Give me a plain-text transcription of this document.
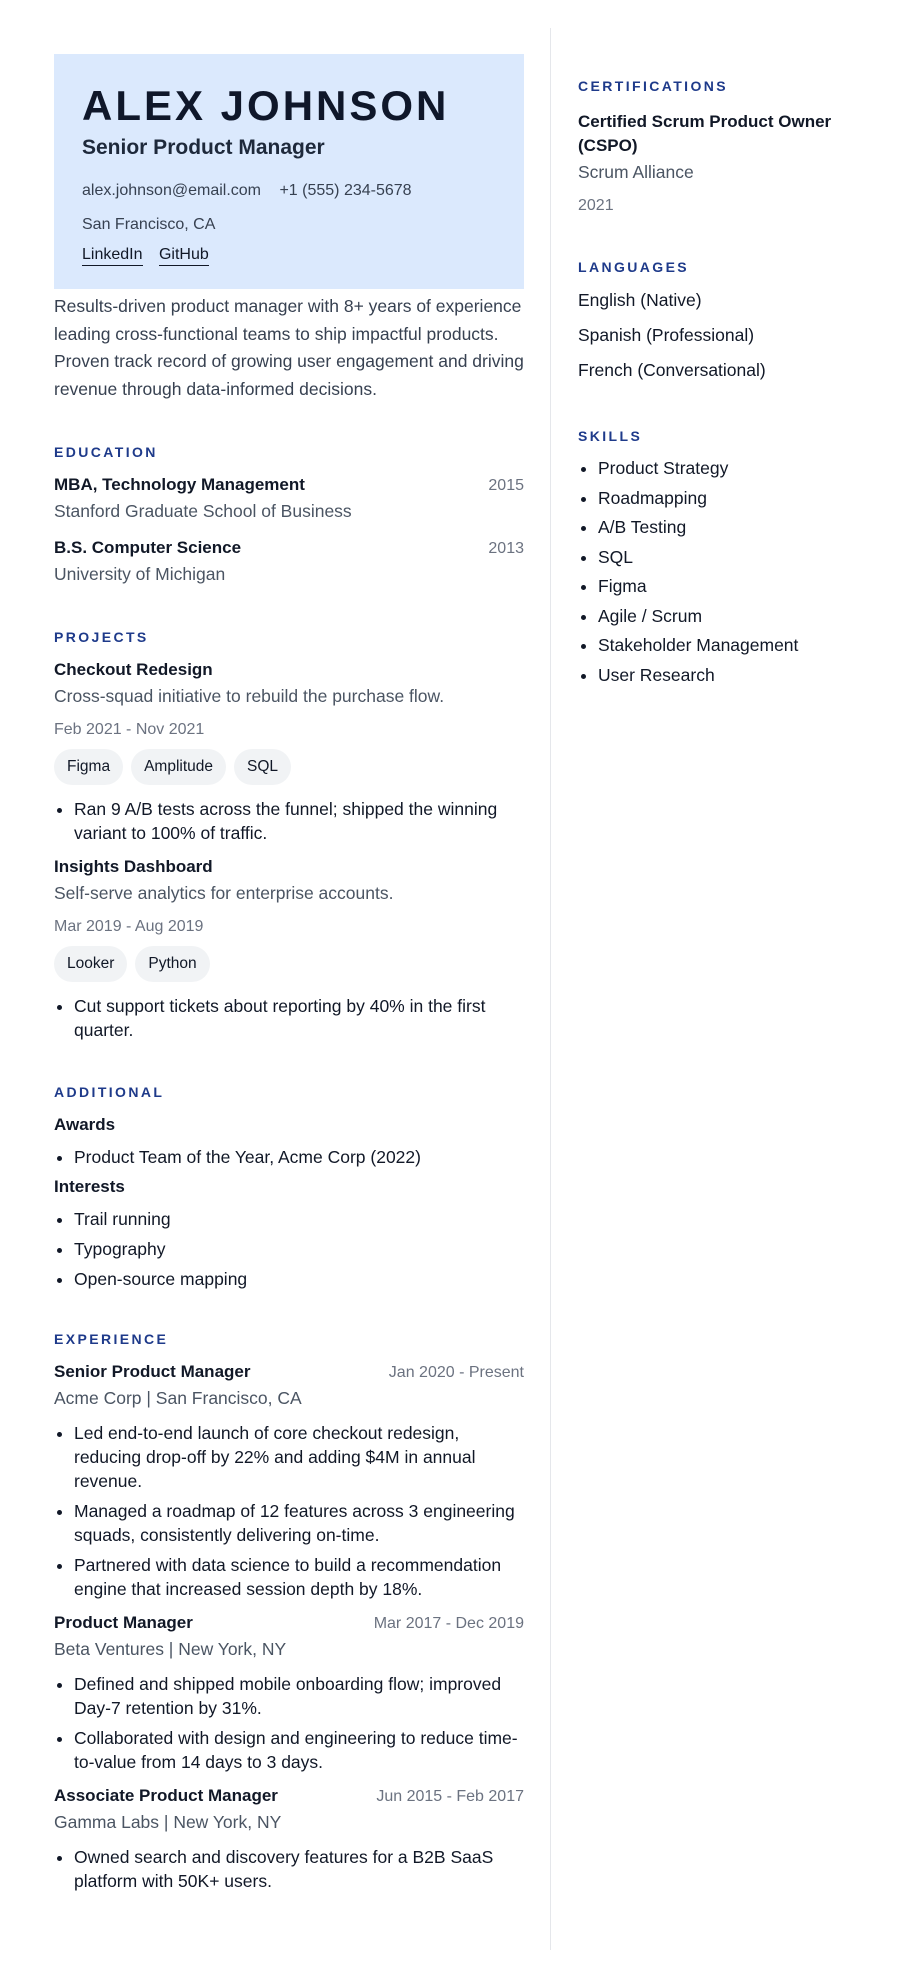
ALEX JOHNSON
Senior Product Manager
alex.johnson@email.com +1 (555) 234-5678
San Francisco, CA
LinkedIn GitHub
Results-driven product manager with 8+ years of experience leading cross-functional teams to ship impactful products. Proven track record of growing user engagement and driving revenue through data-informed decisions.
EDUCATION
MBA, Technology Management	2015
Stanford Graduate School of Business
B.S. Computer Science	2013
University of Michigan
PROJECTS
Checkout Redesign
Cross-squad initiative to rebuild the purchase flow.
Feb 2021 - Nov 2021
Figma	Amplitude	SQL
• Ran 9 A/B tests across the funnel; shipped the winning variant to 100% of traffic.
Insights Dashboard
Self-serve analytics for enterprise accounts.
Mar 2019 - Aug 2019
Looker	Python
• Cut support tickets about reporting by 40% in the first quarter.
ADDITIONAL
Awards
• Product Team of the Year, Acme Corp (2022)
Interests
• Trail running
• Typography
• Open-source mapping
EXPERIENCE
Senior Product Manager	Jan 2020 - Present
Acme Corp | San Francisco, CA
• Led end-to-end launch of core checkout redesign, reducing drop-off by 22% and adding $4M in annual revenue.
• Managed a roadmap of 12 features across 3 engineering squads, consistently delivering on-time.
• Partnered with data science to build a recommendation engine that increased session depth by 18%.
Product Manager	Mar 2017 - Dec 2019
Beta Ventures | New York, NY
• Defined and shipped mobile onboarding flow; improved Day-7 retention by 31%.
• Collaborated with design and engineering to reduce time-to-value from 14 days to 3 days.
Associate Product Manager	Jun 2015 - Feb 2017
Gamma Labs | New York, NY
• Owned search and discovery features for a B2B SaaS platform with 50K+ users.
CERTIFICATIONS
Certified Scrum Product Owner (CSPO)
Scrum Alliance
2021
LANGUAGES
English (Native)
Spanish (Professional)
French (Conversational)
SKILLS
• Product Strategy
• Roadmapping
• A/B Testing
• SQL
• Figma
• Agile / Scrum
• Stakeholder Management
• User Research
